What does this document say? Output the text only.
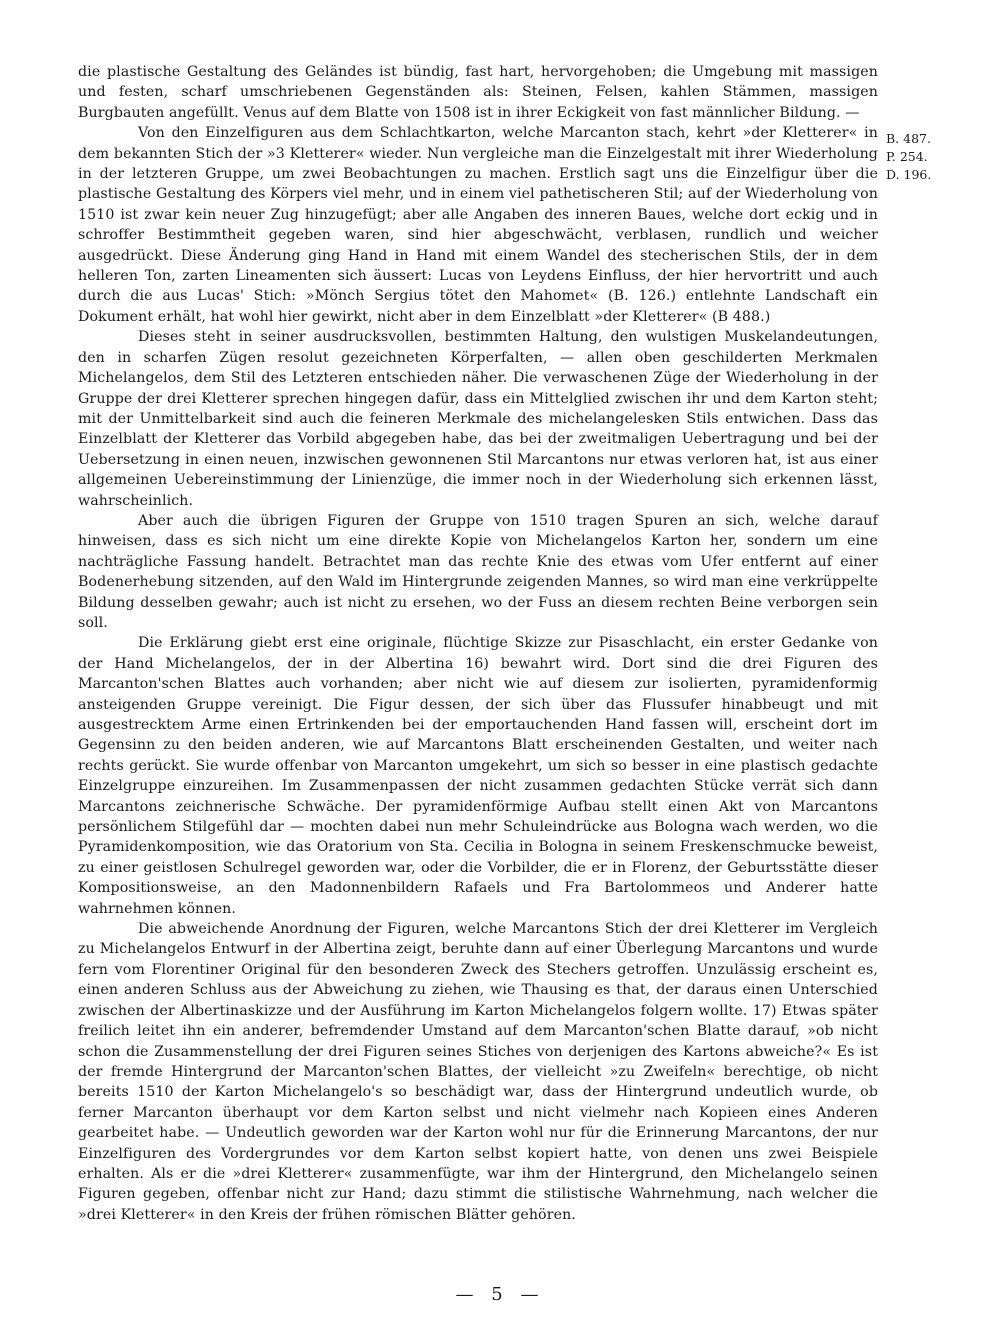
die plastische Gestaltung des Geländes ist bündig, fast hart, hervorgehoben; die Umgebung mit massigen und festen, scharf umschriebenen Gegenständen als: Steinen, Felsen, kahlen Stämmen, massigen Burgbauten angefüllt. Venus auf dem Blatte von 1508 ist in ihrer Eckigkeit von fast männlicher Bildung. —

Von den Einzelfiguren aus dem Schlachtkarton, welche Marcanton stach, kehrt »der Kletterer« in dem bekannten Stich der »3 Kletterer« wieder. Nun vergleiche man die Einzelgestalt mit ihrer Wiederholung in der letzteren Gruppe, um zwei Beobachtungen zu machen. Erstlich sagt uns die Einzelfigur über die plastische Gestaltung des Körpers viel mehr, und in einem viel pathetischeren Stil; auf der Wiederholung von 1510 ist zwar kein neuer Zug hinzugefügt; aber alle Angaben des inneren Baues, welche dort eckig und in schroffer Bestimmtheit gegeben waren, sind hier abgeschwächt, verblasen, rundlich und weicher ausgedrückt. Diese Änderung ging Hand in Hand mit einem Wandel des stecherischen Stils, der in dem helleren Ton, zarten Lineamenten sich äussert: Lucas von Leydens Einfluss, der hier hervortritt und auch durch die aus Lucas' Stich: »Mönch Sergius tötet den Mahomet« (B. 126.) entlehnte Landschaft ein Dokument erhält, hat wohl hier gewirkt, nicht aber in dem Einzelblatt »der Kletterer« (B 488.)

Dieses steht in seiner ausdrucksvollen, bestimmten Haltung, den wulstigen Muskelandeutungen, den in scharfen Zügen resolut gezeichneten Körperfalten, — allen oben geschilderten Merkmalen Michelangelos, dem Stil des Letzteren entschieden näher. Die verwaschenen Züge der Wiederholung in der Gruppe der drei Kletterer sprechen hingegen dafür, dass ein Mittelglied zwischen ihr und dem Karton steht; mit der Unmittelbarkeit sind auch die feineren Merkmale des michelangelesken Stils entwichen. Dass das Einzelblatt der Kletterer das Vorbild abgegeben habe, das bei der zweitmaligen Uebertragung und bei der Uebersetzung in einen neuen, inzwischen gewonnenen Stil Marcantons nur etwas verloren hat, ist aus einer allgemeinen Uebereinstimmung der Linienzüge, die immer noch in der Wiederholung sich erkennen lässt, wahrscheinlich.

Aber auch die übrigen Figuren der Gruppe von 1510 tragen Spuren an sich, welche darauf hinweisen, dass es sich nicht um eine direkte Kopie von Michelangelos Karton her, sondern um eine nachträgliche Fassung handelt. Betrachtet man das rechte Knie des etwas vom Ufer entfernt auf einer Bodenerhebung sitzenden, auf den Wald im Hintergrunde zeigenden Mannes, so wird man eine verkrüppelte Bildung desselben gewahr; auch ist nicht zu ersehen, wo der Fuss an diesem rechten Beine verborgen sein soll.

Die Erklärung giebt erst eine originale, flüchtige Skizze zur Pisaschlacht, ein erster Gedanke von der Hand Michelangelos, der in der Albertina 16) bewahrt wird. Dort sind die drei Figuren des Marcanton'schen Blattes auch vorhanden; aber nicht wie auf diesem zur isolierten, pyramidenformig ansteigenden Gruppe vereinigt. Die Figur dessen, der sich über das Flussufer hinabbeugt und mit ausgestrecktem Arme einen Ertrinkenden bei der emportauchenden Hand fassen will, erscheint dort im Gegensinn zu den beiden anderen, wie auf Marcantons Blatt erscheinenden Gestalten, und weiter nach rechts gerückt. Sie wurde offenbar von Marcanton umgekehrt, um sich so besser in eine plastisch gedachte Einzelgruppe einzureihen. Im Zusammenpassen der nicht zusammen gedachten Stücke verrät sich dann Marcantons zeichnerische Schwäche. Der pyramidenförmige Aufbau stellt einen Akt von Marcantons persönlichem Stilgefühl dar — mochten dabei nun mehr Schuleindrücke aus Bologna wach werden, wo die Pyramidenkomposition, wie das Oratorium von Sta. Cecilia in Bologna in seinem Freskenschmucke beweist, zu einer geistlosen Schulregel geworden war, oder die Vorbilder, die er in Florenz, der Geburtsstätte dieser Kompositionsweise, an den Madonnenbildern Rafaels und Fra Bartolommeos und Anderer hatte wahrnehmen können.

Die abweichende Anordnung der Figuren, welche Marcantons Stich der drei Kletterer im Vergleich zu Michelangelos Entwurf in der Albertina zeigt, beruhte dann auf einer Überlegung Marcantons und wurde fern vom Florentiner Original für den besonderen Zweck des Stechers getroffen. Unzulässig erscheint es, einen anderen Schluss aus der Abweichung zu ziehen, wie Thausing es that, der daraus einen Unterschied zwischen der Albertinaskizze und der Ausführung im Karton Michelangelos folgern wollte. 17) Etwas später freilich leitet ihn ein anderer, befremdender Umstand auf dem Marcanton'schen Blatte darauf, »ob nicht schon die Zusammenstellung der drei Figuren seines Stiches von derjenigen des Kartons abweiche?« Es ist der fremde Hintergrund der Marcanton'schen Blattes, der vielleicht »zu Zweifeln« berechtige, ob nicht bereits 1510 der Karton Michelangelo's so beschädigt war, dass der Hintergrund undeutlich wurde, ob ferner Marcanton überhaupt vor dem Karton selbst und nicht vielmehr nach Kopieen eines Anderen gearbeitet habe. — Undeutlich geworden war der Karton wohl nur für die Erinnerung Marcantons, der nur Einzelfiguren des Vordergrundes vor dem Karton selbst kopiert hatte, von denen uns zwei Beispiele erhalten. Als er die »drei Kletterer« zusammenfügte, war ihm der Hintergrund, den Michelangelo seinen Figuren gegeben, offenbar nicht zur Hand; dazu stimmt die stilistische Wahrnehmung, nach welcher die »drei Kletterer« in den Kreis der frühen römischen Blätter gehören.

B. 487.
P. 254.
D. 196.
— 5 —
